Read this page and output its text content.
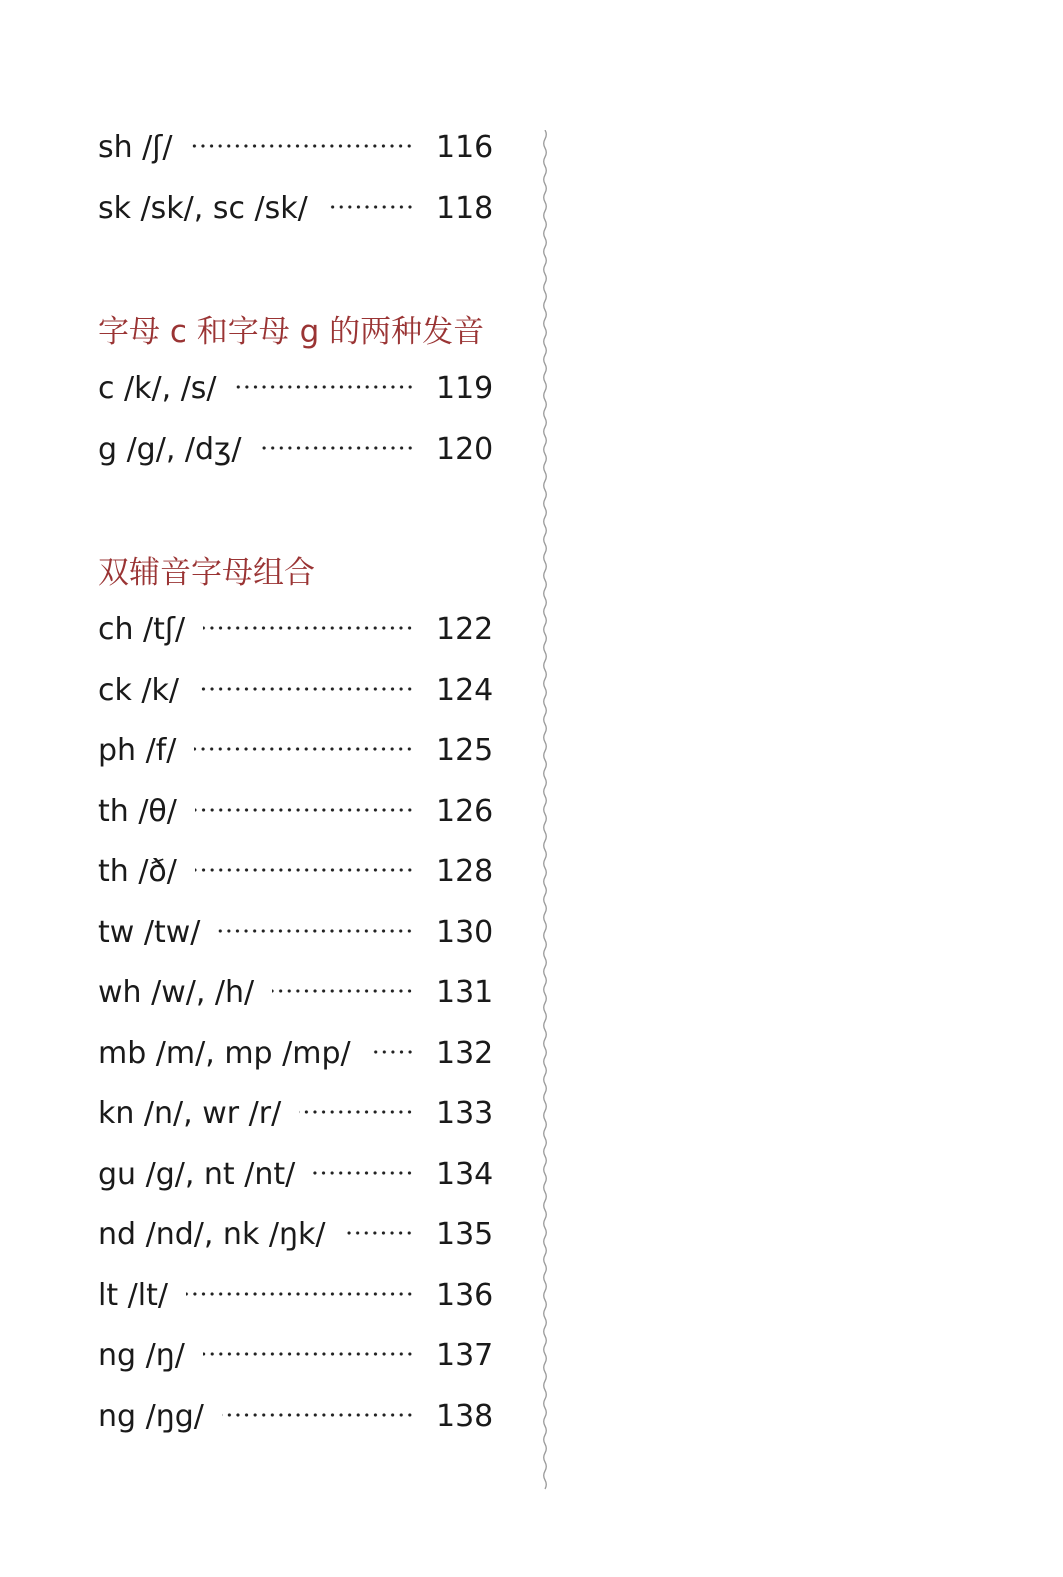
sh /ʃ/	116
sk /sk/, sc /sk/	118
字母 c 和字母 g 的两种发音
c /k/, /s/	119
g /g/, /dʒ/	120
双辅音字母组合
ch /tʃ/	122
ck /k/	124
ph /f/	125
th /θ/	126
th /ð/	128
tw /tw/	130
wh /w/, /h/	131
mb /m/, mp /mp/	132
kn /n/, wr /r/	133
gu /g/, nt /nt/	134
nd /nd/, nk /ŋk/	135
lt /lt/	136
ng /ŋ/	137
ng /ŋg/	138
